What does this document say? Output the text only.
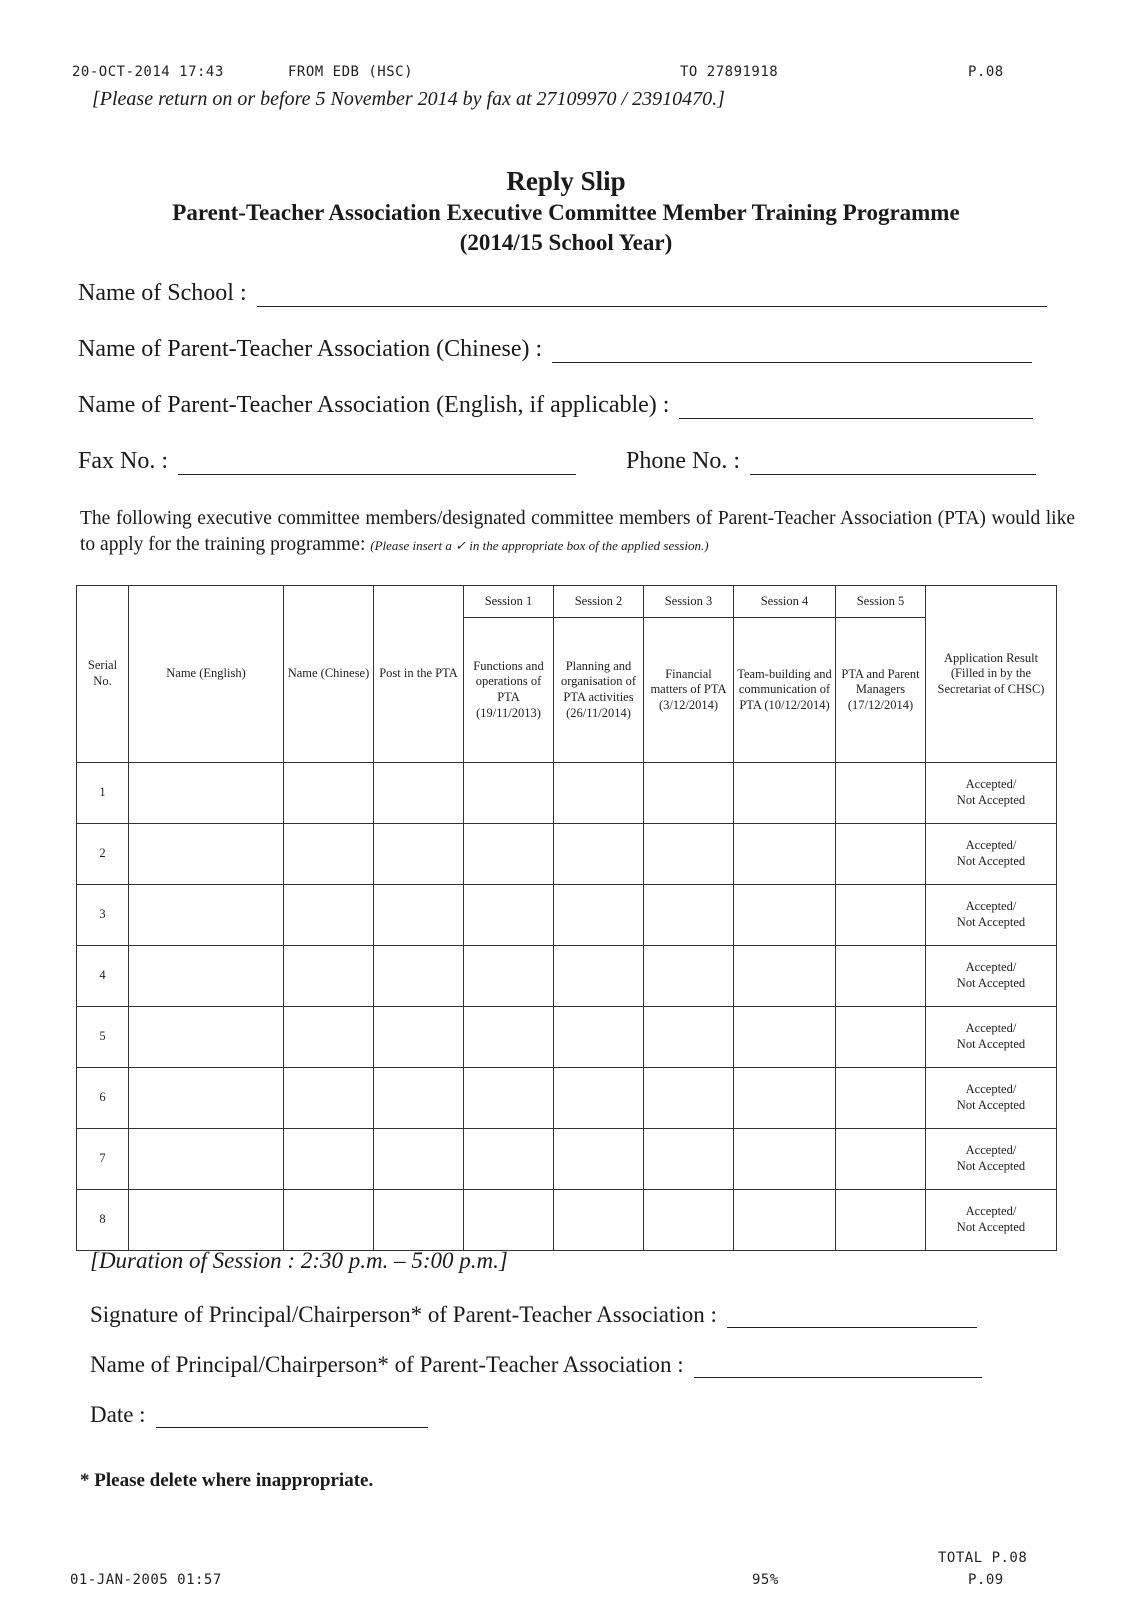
20-OCT-2014 17:43	FROM EDB (HSC)	TO 27891918	P.08
[Please return on or before 5 November 2014 by fax at 27109970 / 23910470.]
Reply Slip
Parent-Teacher Association Executive Committee Member Training Programme
(2014/15 School Year)
Name of School :
Name of Parent-Teacher Association (Chinese) :
Name of Parent-Teacher Association (English, if applicable) :
Fax No. :	Phone No. :
The following executive committee members/designated committee members of Parent-Teacher Association (PTA) would like to apply for the training programme: (Please insert a ✓ in the appropriate box of the applied session.)
Serial No.	Name (English)	Name (Chinese)	Post in the PTA	Session 1	Session 2	Session 3	Session 4	Session 5	Application Result (Filled in by the Secretariat of CHSC)
				Functions and operations of PTA (19/11/2013)	Planning and organisation of PTA activities (26/11/2014)	Financial matters of PTA (3/12/2014)	Team-building and communication of PTA (10/12/2014)	PTA and Parent Managers (17/12/2014)	
1									Accepted/
Not Accepted

2									Accepted/
Not Accepted

3									Accepted/
Not Accepted

4									Accepted/
Not Accepted

5									Accepted/
Not Accepted

6									Accepted/
Not Accepted

7									Accepted/
Not Accepted

8									Accepted/
Not Accepted
[Duration of Session : 2:30 p.m. – 5:00 p.m.]
Signature of Principal/Chairperson* of Parent-Teacher Association :
Name of Principal/Chairperson* of Parent-Teacher Association :
Date :
* Please delete where inappropriate.
01-JAN-2005 01:57	95%
TOTAL P.08
P.09
